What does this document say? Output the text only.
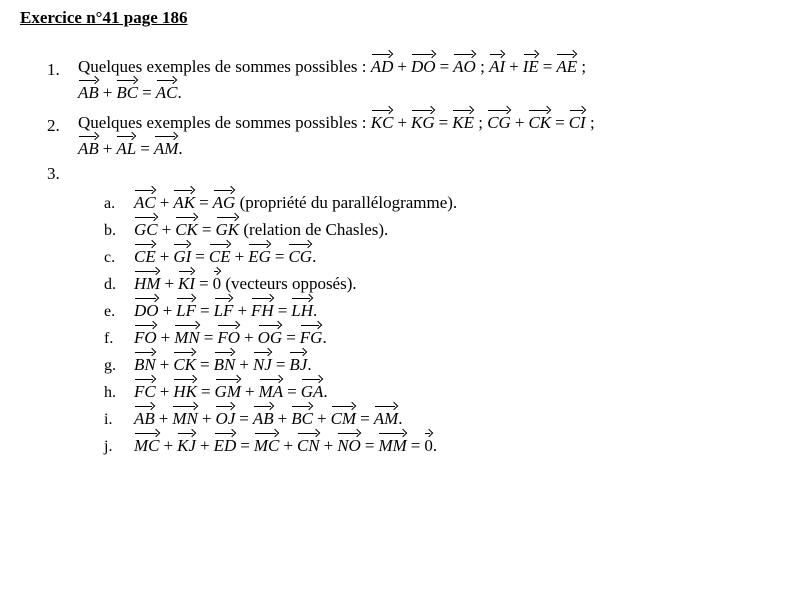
Exercice n°41 page 186
1.	Quelques exemples de sommes possibles : AD + DO = AO ; AI + IE = AE ;
AB + BC = AC.
2.	Quelques exemples de sommes possibles : KC + KG = KE ; CG + CK = CI ;
AB + AL = AM.
3.
a.	AC + AK = AG (propriété du parallélogramme).
b.	GC + CK = GK (relation de Chasles).
c.	CE + GI = CE + EG = CG.
d.	HM + KI = 0 (vecteurs opposés).
e.	DO + LF = LF + FH = LH.
f.	FO + MN = FO + OG = FG.
g.	BN + CK = BN + NJ = BJ.
h.	FC + HK = GM + MA = GA.
i.	AB + MN + OJ = AB + BC + CM = AM.
j.	MC + KJ + ED = MC + CN + NO = MM = 0.
